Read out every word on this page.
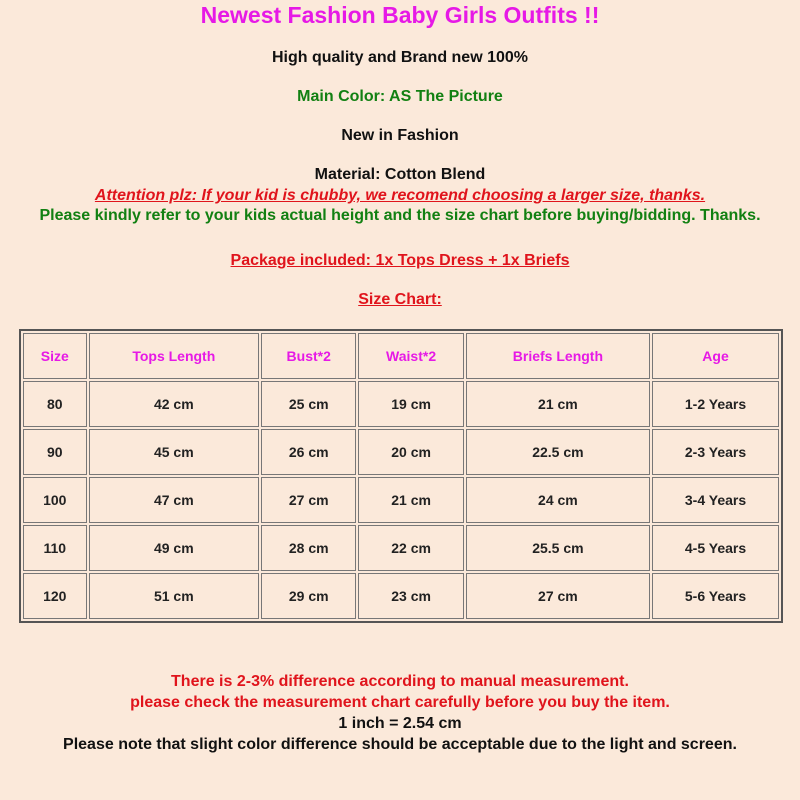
Newest Fashion Baby Girls Outfits !!
High quality and Brand new 100%
Main Color: AS The Picture
New in Fashion
Material: Cotton Blend
Attention plz: If your kid is chubby, we recomend choosing a larger size, thanks.
Please kindly refer to your kids actual height and the size chart before buying/bidding. Thanks.
Package included: 1x Tops Dress + 1x Briefs
Size Chart:
Size	Tops Length	Bust*2	Waist*2	Briefs Length	Age
80	42 cm	25 cm	19 cm	21 cm	1-2 Years
90	45 cm	26 cm	20 cm	22.5 cm	2-3 Years
100	47 cm	27 cm	21 cm	24 cm	3-4 Years
110	49 cm	28 cm	22 cm	25.5 cm	4-5 Years
120	51 cm	29 cm	23 cm	27 cm	5-6 Years
There is 2-3% difference according to manual measurement.
please check the measurement chart carefully before you buy the item.
1 inch = 2.54 cm
Please note that slight color difference should be acceptable due to the light and screen.
